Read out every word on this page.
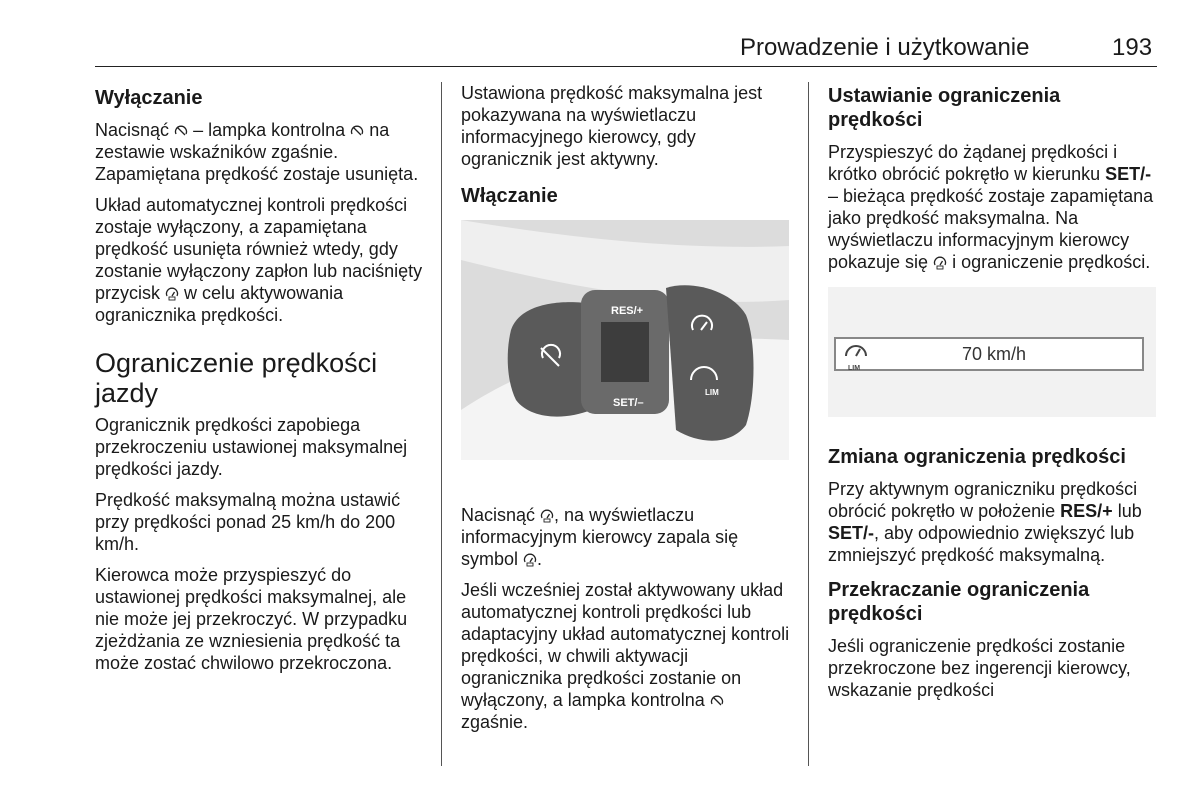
Prowadzenie i użytkowanie	193
Wyłączanie

Nacisnąć – lampka kontrolna na zestawie wskaźników zgaśnie. Zapamiętana prędkość zostaje usunięta.

Układ automatycznej kontroli prędkości zostaje wyłączony, a zapamiętana prędkość usunięta również wtedy, gdy zostanie wyłączony zapłon lub naciśnięty przycisk w celu aktywowania ogranicznika prędkości.

Ograniczenie prędkości jazdy

Ogranicznik prędkości zapobiega przekroczeniu ustawionej maksymalnej prędkości jazdy.

Prędkość maksymalną można ustawić przy prędkości ponad 25 km/h do 200 km/h.

Kierowca może przyspieszyć do ustawionej prędkości maksymalnej, ale nie może jej przekroczyć. W przypadku zjeżdżania ze wzniesienia prędkość ta może zostać chwilowo przekroczona.

Ustawiona prędkość maksymalna jest pokazywana na wyświetlaczu informacyjnego kierowcy, gdy ogranicznik jest aktywny.

Włączanie
RES/+
SET/–
LIM

Nacisnąć , na wyświetlaczu informacyjnym kierowcy zapala się symbol .

Jeśli wcześniej został aktywowany układ automatycznej kontroli prędkości lub adaptacyjny układ automatycznej kontroli prędkości, w chwili aktywacji ogranicznika prędkości zostanie on wyłączony, a lampka kontrolna  zgaśnie.

Ustawianie ograniczenia prędkości

Przyspieszyć do żądanej prędkości i krótko obrócić pokrętło w kierunku SET/- – bieżąca prędkość zostaje zapamiętana jako prędkość maksymalna. Na wyświetlaczu informacyjnym kierowcy pokazuje się i ograniczenie prędkości.

LIM
70 km/h
Zmiana ograniczenia prędkości

Przy aktywnym ograniczniku prędkości obrócić pokrętło w położenie RES/+ lub SET/-, aby odpowiednio zwiększyć lub zmniejszyć prędkość maksymalną.

Przekraczanie ograniczenia prędkości

Jeśli ograniczenie prędkości zostanie przekroczone bez ingerencji kierowcy, wskazanie prędkości
